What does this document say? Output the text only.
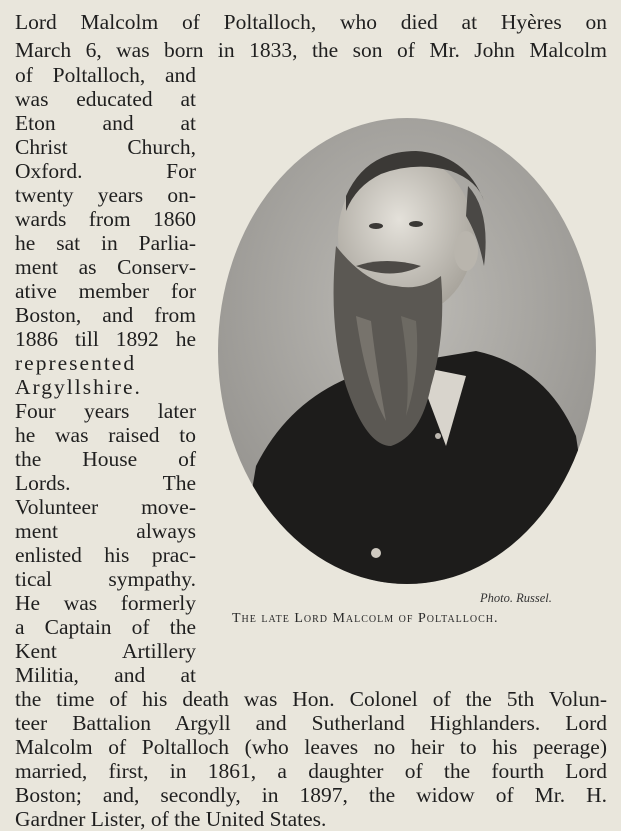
Lord Malcolm of Poltalloch, who died at Hyères on
March 6, was born in 1833, the son of Mr. John Malcolm
of Poltalloch, and
was educated at
Eton and at
Christ Church,
Oxford. For
twenty years on-
wards from 1860
he sat in Parlia-
ment as Conserv-
ative member for
Boston, and from
1886 till 1892 he
represented
Argyllshire.
Four years later
he was raised to
the House of
Lords. The
Volunteer move-
ment always
enlisted his prac-
tical sympathy.
He was formerly
a Captain of the
Kent Artillery
Militia, and at
the time of his death was Hon. Colonel of the 5th Volun-
teer Battalion Argyll and Sutherland Highlanders. Lord
Malcolm of Poltalloch (who leaves no heir to his peerage)
married, first, in 1861, a daughter of the fourth Lord
Boston; and, secondly, in 1897, the widow of Mr. H.
Gardner Lister, of the United States.
Photo. Russel.
The late Lord Malcolm of Poltalloch.
